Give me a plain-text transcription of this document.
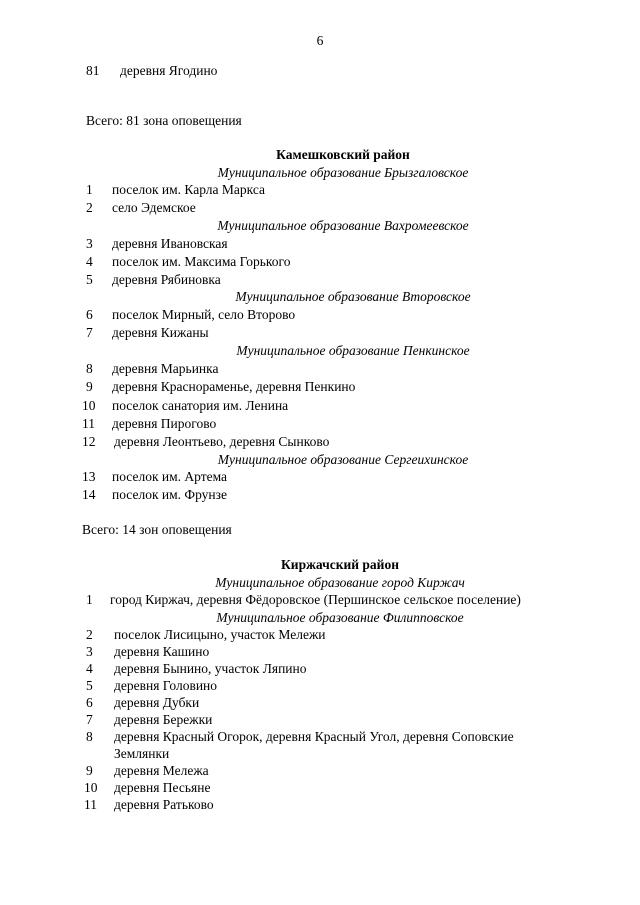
6
81 деревня Ягодино
Всего: 81 зона оповещения
Камешковский район
Муниципальное образование Брызгаловское
1 поселок им. Карла Маркса
2 село Эдемское
Муниципальное образование Вахромеевское
3 деревня Ивановская
4 поселок им. Максима Горького
5 деревня Рябиновка
Муниципальное образование Второвское
6 поселок Мирный, село Второво
7 деревня Кижаны
Муниципальное образование Пенкинское
8 деревня Марьинка
9 деревня Краснораменье, деревня Пенкино
10 поселок санатория им. Ленина
11 деревня Пирогово
12 деревня Леонтьево, деревня Сынково
Муниципальное образование Сергеихинское
13 поселок им. Артема
14 поселок им. Фрунзе
Всего: 14 зон оповещения
Киржачский район
Муниципальное образование город Киржач
1 город Киржач, деревня Фёдоровское (Першинское сельское поселение)
Муниципальное образование Филипповское
2 поселок Лисицыно, участок Мележи
3 деревня Кашино
4 деревня Бынино, участок Ляпино
5 деревня Головино
6 деревня Дубки
7 деревня Бережки
8 деревня Красный Огорок, деревня Красный Угол, деревня Соповские
Землянки
9 деревня Мележа
10 деревня Песьяне
11 деревня Ратьково
